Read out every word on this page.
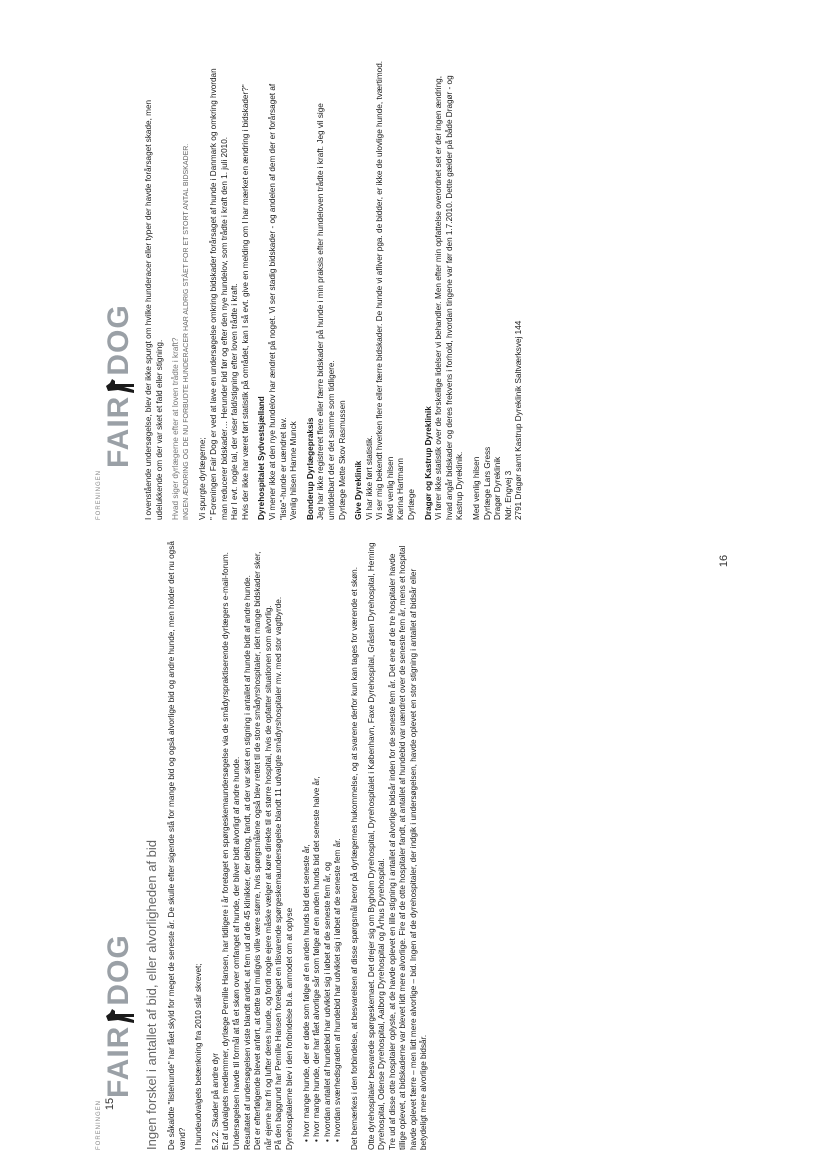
15
16
FORENINGEN
FAIR
DOG Ingen forskel i antallet af bid, eller alvorligheden af bid De såkaldte "listehunde" har fået skyld for meget de seneste år. De skulle efter sigende stå for mange bid og også alvorlige bid og andre hunde, men holder det nu også vand? I hundeudvalgets betænkning fra 2010 står skrevet; 5.2.2. Skader på andre dyr Et af udvalgets medlemmer, dyrlæge Pernille Hansen, har tidligere i år foretaget en spørgeskemaundersøgelse via de smådyrspraktiserende dyrlægers e-mail-forum. Undersøgelsen havde til formål at få et skøn over omfanget af hunde, der bliver bidt alvorligt af andre hunde. Resultatet af undersøgelsen viste blandt andet, at fem ud af de 45 klinikker, der deltog, fandt, at der var sket en stigning i antallet af hunde bidt af andre hunde. Det er efterfølgende blevet anført, at dette tal muligvis ville være større, hvis spørgsmålene også blev rettet til de store smådyrshospitaler, idet mange bidskader sker, når ejerne har fri og lufter deres hunde, og fordi nogle ejere måske vælger at køre direkte til et større hospital, hvis de opfatter situationen som alvorlig. På den baggrund har Pernille Hansen foretaget en tilsvarende spørgeskemaundersøgelse blandt 11 udvalgte smådyrshospitaler mv. med stor vagtbyrde. Dyrehospitalerne blev i den forbindelse bl.a. anmodet om at oplyse • hvor mange hunde, der er døde som følge af en anden hunds bid det seneste år, • hvor mange hunde, der har fået alvorlige sår som følge af en anden hunds bid det seneste halve år, • hvordan antallet af hundebid har udviklet sig i løbet af de seneste fem år, og • hvordan sværhedsgraden af hundebid har udviklet sig i løbet af de seneste fem år. Det bemærkes i den forbindelse, at besvarelsen af disse spørgsmål beror på dyrlægernes hukommelse, og at svarene derfor kun kan tages for værende et skøn. Otte dyrehospitaler besvarede spørgeskemaet. Det drejer sig om Bygholm Dyrehospital, Dyrehospitalet i København, Faxe Dyrehospital, Gråsten Dyrehospital, Herning Dyrehospital, Odense Dyrehospital, Aalborg Dyrehospital og Århus Dyrehospital. Tre ud af disse otte hospitaler oplyste, at de havde oplevet en lille stigning i antallet af alvorlige bidsår inden for de seneste fem år. Det ene af de tre hospitaler havde tillige oplevet, at bidskaderne var blevet lidt mere alvorlige. Fire af de otte hospitaler fandt, at antallet af hundebid var uændret over de seneste fem år, mens et hospital havde oplevet færre – men lidt mere alvorlige – bid. Ingen af de dyrehospitaler, der indgik i undersøgelsen, havde oplevet en stor stigning i antallet af bidsår eller betydeligt mere alvorlige bidsår.

FORENINGEN
FAIR
DOG I ovenstående undersøgelse, blev der ikke spurgt om hvilke hunderacer eller typer der havde forårsaget skade, men udelukkende om der var sket et fald eller stigning. Hvad siger dyrlægerne efter at loven trådte i kraft? INGEN ÆNDRING OG DE NU FORBUDTE HUNDERACER HAR ALDRIG STÅET FOR ET STORT ANTAL BIDSKADER.	Vi spurgte dyrlægerne; " Foreningen Fair Dog er ved at lave en undersøgelse omkring bidskader forårsaget af hunde i Danmark og omkring hvordan man reducerer bidskader… Herunder bid før og efter den nye hundelov, som trådte i kraft den 1. juli 2010. Har I evt. nogle tal, der viser fald/stigning efter loven trådte i kraft. Hvis der ikke har været ført statistik på området, kan I så evt. give en melding om I har mærket en ændring i bidskader?" Dyrehospitalet Sydvestsjælland Vi mener ikke at den nye hundelov har ændret på noget. Vi ser stadig bidskader - og andelen af dem der er forårsaget af "liste"-hunde er uændret lav. Venlig hilsen Hanne Munck Bonderup Dyrlægepraksis Jeg har ikke registreret flere eller færre bidskader på hunde i min praksis efter hundeloven trådte i kraft. Jeg vil sige umiddelbart det er det samme som tidligere. Dyrlæge Mette Skov Rasmussen Give Dyreklinik Vi har ikke ført statistik. Vi ser mig bekendt hverken flere eller færre bidskader. De hunde vi afliver pga. de bidder, er ikke de ulovlige hunde, tværtimod. Med venlig hilsen Karina Hartmann Dyrlæge Dragør og Kastrup Dyreklinik Vi fører ikke statistik over de forskellige lidelser vi behandler. Men efter min opfattelse overordnet set er der ingen ændring, hvad angår bidskader og deres frekvens i forhold, hvordan tingene var før den 1.7.2010. Dette gælder på både Dragør - og Kastrup Dyreklinik. Med venlig hilsen Dyrlæge Lars Gress Dragør Dyreklinik Ndr. Engvej 3 2791 Dragør samt Kastrup Dyreklinik Saltværksvej 144
